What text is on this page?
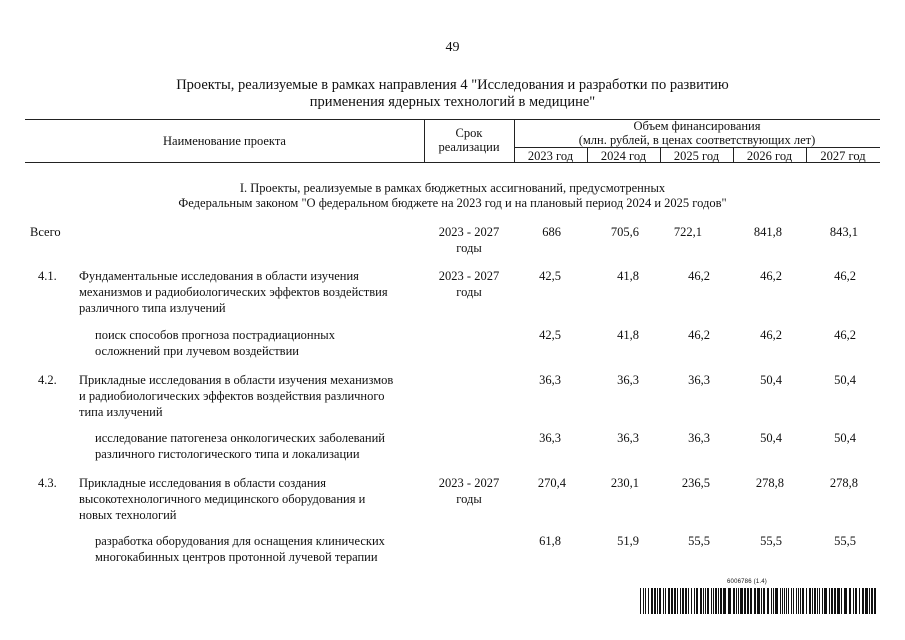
49
Проекты, реализуемые в рамках направления 4 "Исследования и разработки по развитию
применения ядерных технологий в медицине"
Наименование проекта
Срок
реализации
Объем финансирования
(млн. рублей, в ценах соответствующих лет)
2023 год	2024 год	2025 год	2026 год	2027 год
I. Проекты, реализуемые в рамках бюджетных ассигнований, предусмотренных
Федеральным законом "О федеральном бюджете на 2023 год и на плановый период 2024 и 2025 годов"
Всего	2023 - 2027
годы
686	705,6	722,1	841,8	843,1
4.1. Фундаментальные исследования в области изучения
механизмов и радиобиологических эффектов воздействия
различного типа излучений
2023 - 2027
годы
42,5	41,8	46,2	46,2	46,2
поиск способов прогноза пострадиационных
осложнений при лучевом воздействии
42,5	41,8	46,2	46,2	46,2
4.2. Прикладные исследования в области изучения механизмов
и радиобиологических эффектов воздействия различного
типа излучений
36,3	36,3	36,3	50,4	50,4
исследование патогенеза онкологических заболеваний
различного гистологического типа и локализации
36,3	36,3	36,3	50,4	50,4
4.3. Прикладные исследования в области создания
высокотехнологичного медицинского оборудования и
новых технологий
2023 - 2027
годы
270,4	230,1	236,5	278,8	278,8
разработка оборудования для оснащения клинических
многокабинных центров протонной лучевой терапии
61,8	51,9	55,5	55,5	55,5
6006786 (1.4)
